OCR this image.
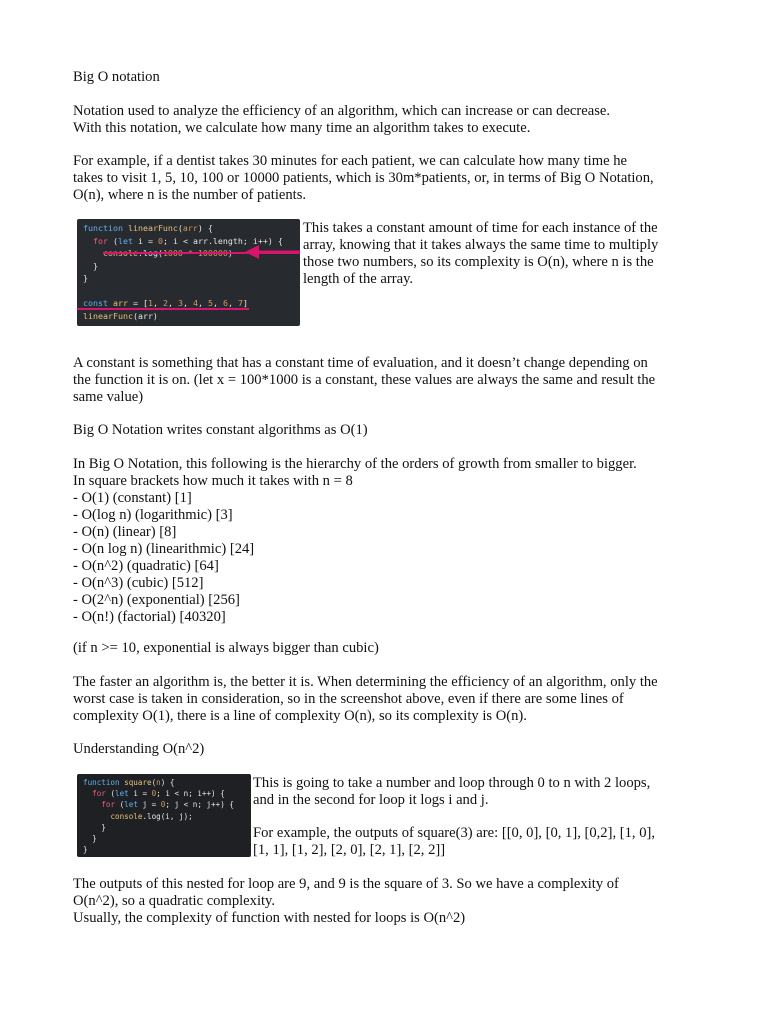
Big O notation

Notation used to analyze the efficiency of an algorithm, which can increase or can decrease.
With this notation, we calculate how many time an algorithm takes to execute.

For example, if a dentist takes 30 minutes for each patient, we can calculate how many time he
takes to visit 1, 5, 10, 100 or 10000 patients, which is 30m*patients, or, in terms of Big O Notation,
O(n), where n is the number of patients.

function linearFunc(arr) {
for (let i = 0; i < arr.length; i++) {

}
}

const arr = [1, 2, 3, 4, 5, 6, 7]
linearFunc(arr)

This takes a constant amount of time for each instance of the
array, knowing that it takes always the same time to multiply
those two numbers, so its complexity is O(n), where n is the
length of the array.

A constant is something that has a constant time of evaluation, and it doesn’t change depending on
the function it is on. (let x = 100*1000 is a constant, these values are always the same and result the
same value)

Big O Notation writes constant algorithms as O(1)

In Big O Notation, this following is the hierarchy of the orders of growth from smaller to bigger.
In square brackets how much it takes with n = 8
- O(1) (constant) [1]
- O(log n) (logarithmic) [3]
- O(n) (linear) [8]
- O(n log n) (linearithmic) [24]
- O(n^2) (quadratic) [64]
- O(n^3) (cubic) [512]
- O(2^n) (exponential) [256]
- O(n!) (factorial) [40320]

(if n >= 10, exponential is always bigger than cubic)

The faster an algorithm is, the better it is. When determining the efficiency of an algorithm, only the
worst case is taken in consideration, so in the screenshot above, even if there are some lines of
complexity O(1), there is a line of complexity O(n), so its complexity is O(n).

Understanding O(n^2)

function square(n) {
for (let i = 0; i < n; i++) {
for (let j = 0; j < n; j++) {
console.log(i, j);
}
}
}

This is going to take a number and loop through 0 to n with 2 loops,
and in the second for loop it logs i and j.

For example, the outputs of square(3) are: [[0, 0], [0, 1], [0,2], [1, 0],
[1, 1], [1, 2], [2, 0], [2, 1], [2, 2]]

The outputs of this nested for loop are 9, and 9 is the square of 3. So we have a complexity of
O(n^2), so a quadratic complexity.
Usually, the complexity of function with nested for loops is O(n^2)
